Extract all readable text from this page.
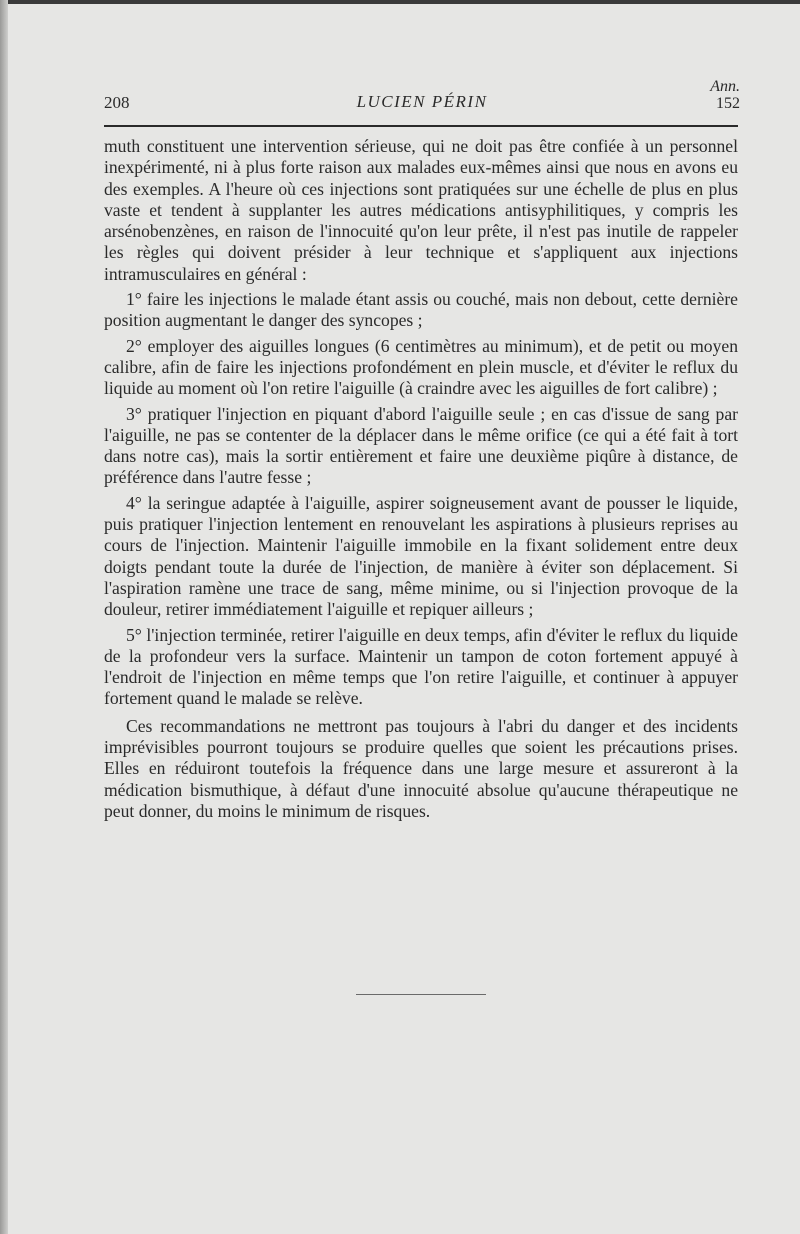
208	LUCIEN PÉRIN
Ann.
152

muth constituent une intervention sérieuse, qui ne doit pas être confiée à un personnel inexpérimenté, ni à plus forte raison aux malades eux-mêmes ainsi que nous en avons eu des exemples. A l'heure où ces injections sont pratiquées sur une échelle de plus en plus vaste et tendent à supplanter les autres médications antisyphilitiques, y compris les arsénobenzènes, en raison de l'innocuité qu'on leur prête, il n'est pas inutile de rappeler les règles qui doivent présider à leur technique et s'appliquent aux injections intramusculaires en général :

1° faire les injections le malade étant assis ou couché, mais non debout, cette dernière position augmentant le danger des syncopes ;

2° employer des aiguilles longues (6 centimètres au minimum), et de petit ou moyen calibre, afin de faire les injections profondément en plein muscle, et d'éviter le reflux du liquide au moment où l'on retire l'aiguille (à craindre avec les aiguilles de fort calibre) ;

3° pratiquer l'injection en piquant d'abord l'aiguille seule ; en cas d'issue de sang par l'aiguille, ne pas se contenter de la déplacer dans le même orifice (ce qui a été fait à tort dans notre cas), mais la sortir entièrement et faire une deuxième piqûre à distance, de préférence dans l'autre fesse ;

4° la seringue adaptée à l'aiguille, aspirer soigneusement avant de pousser le liquide, puis pratiquer l'injection lentement en renouvelant les aspirations à plusieurs reprises au cours de l'injection. Maintenir l'aiguille immobile en la fixant solidement entre deux doigts pendant toute la durée de l'injection, de manière à éviter son déplacement. Si l'aspiration ramène une trace de sang, même minime, ou si l'injection provoque de la douleur, retirer immédiatement l'aiguille et repiquer ailleurs ;

5° l'injection terminée, retirer l'aiguille en deux temps, afin d'éviter le reflux du liquide de la profondeur vers la surface. Maintenir un tampon de coton fortement appuyé à l'endroit de l'injection en même temps que l'on retire l'aiguille, et continuer à appuyer fortement quand le malade se relève.

Ces recommandations ne mettront pas toujours à l'abri du danger et des incidents imprévisibles pourront toujours se produire quelles que soient les précautions prises. Elles en réduiront toutefois la fréquence dans une large mesure et assureront à la médication bismuthique, à défaut d'une innocuité absolue qu'aucune thérapeutique ne peut donner, du moins le minimum de risques.
